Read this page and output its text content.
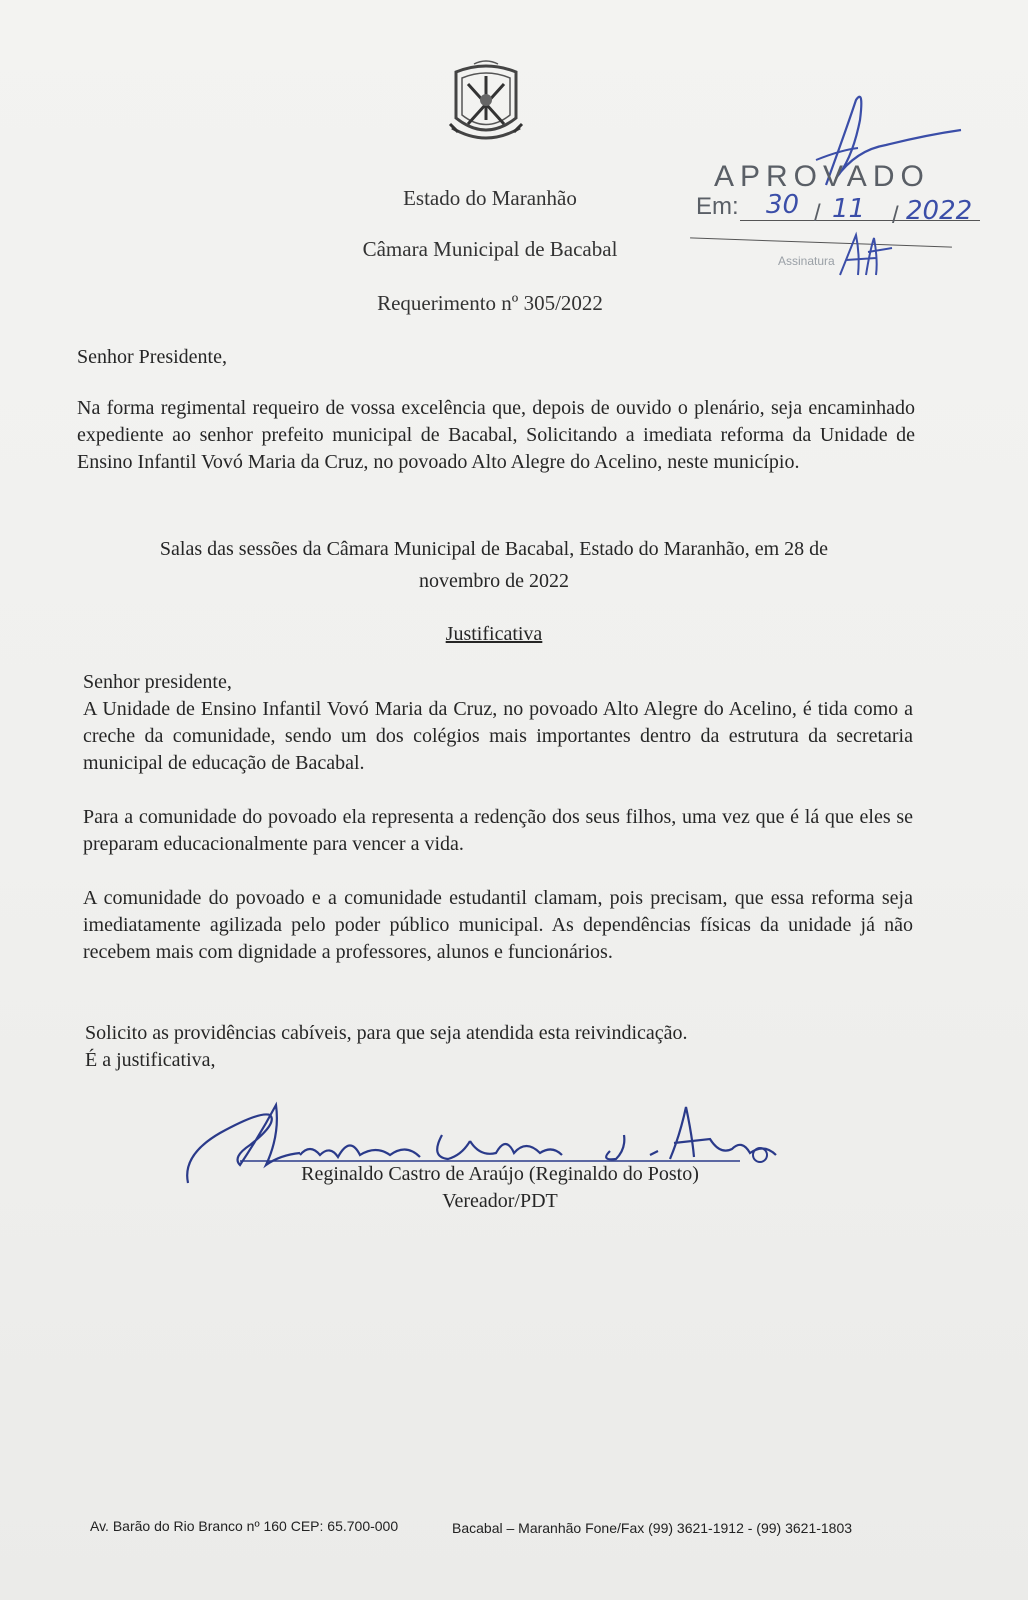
Estado do Maranhão
Câmara Municipal de Bacabal
Requerimento nº 305/2022
APROVADO
Em: 30 / 11 / 2022
Assinatura
Senhor Presidente,
Na forma regimental requeiro de vossa excelência que, depois de ouvido o plenário, seja encaminhado expediente ao senhor prefeito municipal de Bacabal, Solicitando a imediata reforma da Unidade de Ensino Infantil Vovó Maria da Cruz, no povoado Alto Alegre do Acelino, neste município.
Salas das sessões da Câmara Municipal de Bacabal, Estado do Maranhão, em 28 de
novembro de 2022
Justificativa
Senhor presidente,
A Unidade de Ensino Infantil Vovó Maria da Cruz, no povoado Alto Alegre do Acelino, é tida como a creche da comunidade, sendo um dos colégios mais importantes dentro da estrutura da secretaria municipal de educação de Bacabal.
Para a comunidade do povoado ela representa a redenção dos seus filhos, uma vez que é lá que eles se preparam educacionalmente para vencer a vida.
A comunidade do povoado e a comunidade estudantil clamam, pois precisam, que essa reforma seja imediatamente agilizada pelo poder público municipal. As dependências físicas da unidade já não recebem mais com dignidade a professores, alunos e funcionários.
Solicito as providências cabíveis, para que seja atendida esta reivindicação.
É a justificativa,
Reginaldo Castro de Araújo (Reginaldo do Posto)
Vereador/PDT
Av. Barão do Rio Branco nº 160 CEP: 65.700-000	Bacabal – Maranhão Fone/Fax (99) 3621-1912 - (99) 3621-1803
